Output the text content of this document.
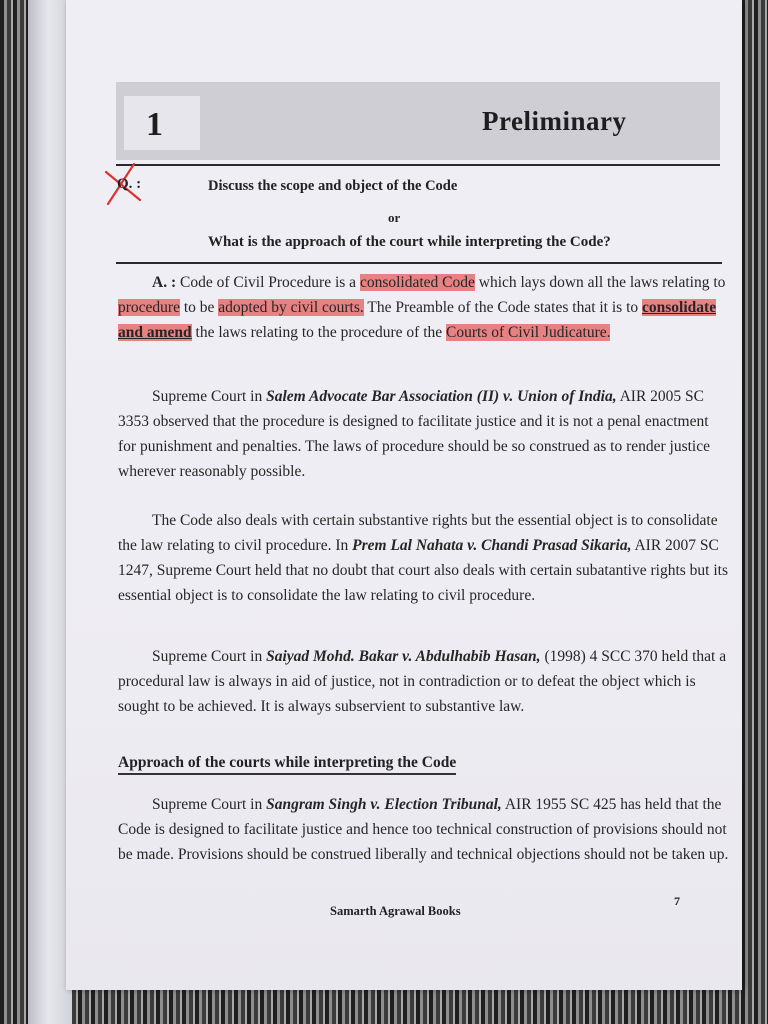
1	Preliminary
Q. :	Discuss the scope and object of the Code
or
What is the approach of the court while interpreting the Code?

A. : Code of Civil Procedure is a consolidated Code which lays down all the laws relating to procedure to be adopted by civil courts. The Preamble of the Code states that it is to consolidate and amend the laws relating to the procedure of the Courts of Civil Judicature.

Supreme Court in Salem Advocate Bar Association (II) v. Union of India, AIR 2005 SC 3353 observed that the procedure is designed to facilitate justice and it is not a penal enactment for punishment and penalties. The laws of procedure should be so construed as to render justice wherever reasonably possible.

The Code also deals with certain substantive rights but the essential object is to consolidate the law relating to civil procedure. In Prem Lal Nahata v. Chandi Prasad Sikaria, AIR 2007 SC 1247, Supreme Court held that no doubt that court also deals with certain subatantive rights but its essential object is to consolidate the law relating to civil procedure.

Supreme Court in Saiyad Mohd. Bakar v. Abdulhabib Hasan, (1998) 4 SCC 370 held that a procedural law is always in aid of justice, not in contradiction or to defeat the object which is sought to be achieved. It is always subservient to substantive law.

Approach of the courts while interpreting the Code

Supreme Court in Sangram Singh v. Election Tribunal, AIR 1955 SC 425 has held that the Code is designed to facilitate justice and hence too technical construction of provisions should not be made. Provisions should be construed liberally and technical objections should not be taken up.

Samarth Agrawal Books
7
